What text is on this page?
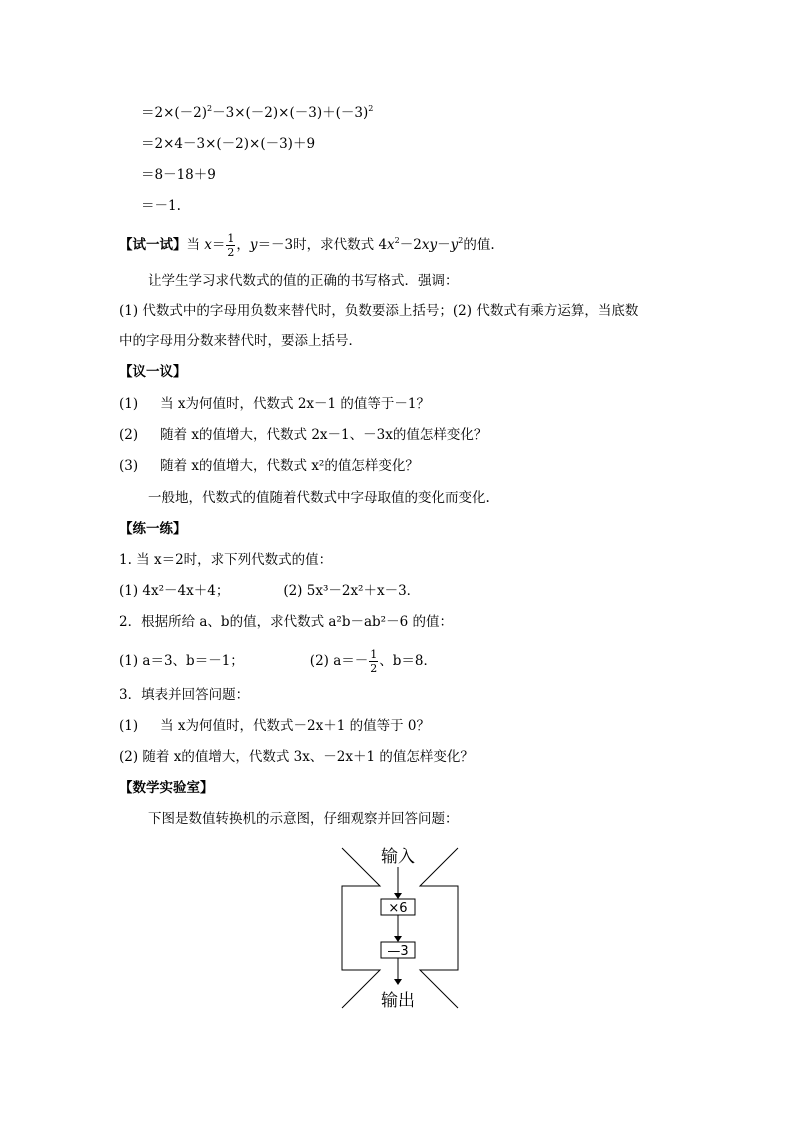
$=2\times(-2)^2-3\times(-2)\times(-3)+(-3)^2$
＝2×4－3×(－2)×(－3)＋9
＝8－18＋9
＝－1.
【试一试】当 $x= \frac{1}{2}$ ，y＝－3时，求代数式 $4x^2-2xy-y^2$的值.
让学生学习求代数式的值的正确的书写格式．强调：
(1) 代数式中的字母用负数来替代时，负数要添上括号；(2) 代数式有乘方运算，当底数
中的字母用分数来替代时，要添上括号．
【议一议】
(1) 当 x为何值时，代数式 2x－1 的值等于－1？
(2) 随着 x的值增大，代数式 2x－1、－3x的值怎样变化？
(3) 随着 x的值增大，代数式 x²的值怎样变化？
一般地，代数式的值随着代数式中字母取值的变化而变化.
【练一练】
1. 当 x＝2时，求下列代数式的值：
(1) 4x²－4x＋4；	(2) 5x³－2x²＋x－3．
2．根据所给 a、b的值，求代数式 a²b－ab²－6 的值：
(1) a＝3、b＝－1；	(2) $a=- \frac{1}{2}$ 、b＝8．
3．填表并回答问题：
(1) 当 x为何值时，代数式－2x＋1 的值等于 0？
(2) 随着 x的值增大，代数式 3x、－2x＋1 的值怎样变化？
【数学实验室】
下图是数值转换机的示意图，仔细观察并回答问题：
输入
×6
—3
输出
